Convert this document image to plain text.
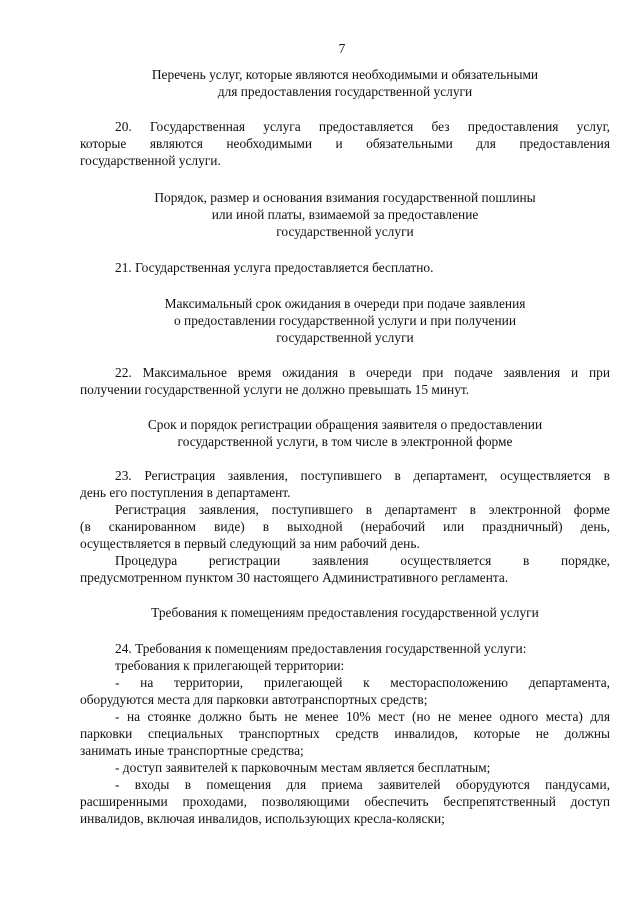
7
Перечень услуг, которые являются необходимыми и обязательными
для предоставления государственной услуги
20. Государственная услуга предоставляется без предоставления услуг,
которые являются необходимыми и обязательными для предоставления
государственной услуги.
Порядок, размер и основания взимания государственной пошлины
или иной платы, взимаемой за предоставление
государственной услуги
21. Государственная услуга предоставляется бесплатно.
Максимальный срок ожидания в очереди при подаче заявления
о предоставлении государственной услуги и при получении
государственной услуги
22. Максимальное время ожидания в очереди при подаче заявления и при
получении государственной услуги не должно превышать 15 минут.
Срок и порядок регистрации обращения заявителя о предоставлении
государственной услуги, в том числе в электронной форме
23. Регистрация заявления, поступившего в департамент, осуществляется в
день его поступления в департамент.
Регистрация заявления, поступившего в департамент в электронной форме
(в сканированном виде) в выходной (нерабочий или праздничный) день,
осуществляется в первый следующий за ним рабочий день.
Процедура регистрации заявления осуществляется в порядке,
предусмотренном пунктом 30 настоящего Административного регламента.
Требования к помещениям предоставления государственной услуги
24. Требования к помещениям предоставления государственной услуги:
требования к прилегающей территории:
- на территории, прилегающей к месторасположению департамента,
оборудуются места для парковки автотранспортных средств;
- на стоянке должно быть не менее 10% мест (но не менее одного места) для
парковки специальных транспортных средств инвалидов, которые не должны
занимать иные транспортные средства;
- доступ заявителей к парковочным местам является бесплатным;
- входы в помещения для приема заявителей оборудуются пандусами,
расширенными проходами, позволяющими обеспечить беспрепятственный доступ
инвалидов, включая инвалидов, использующих кресла-коляски;
